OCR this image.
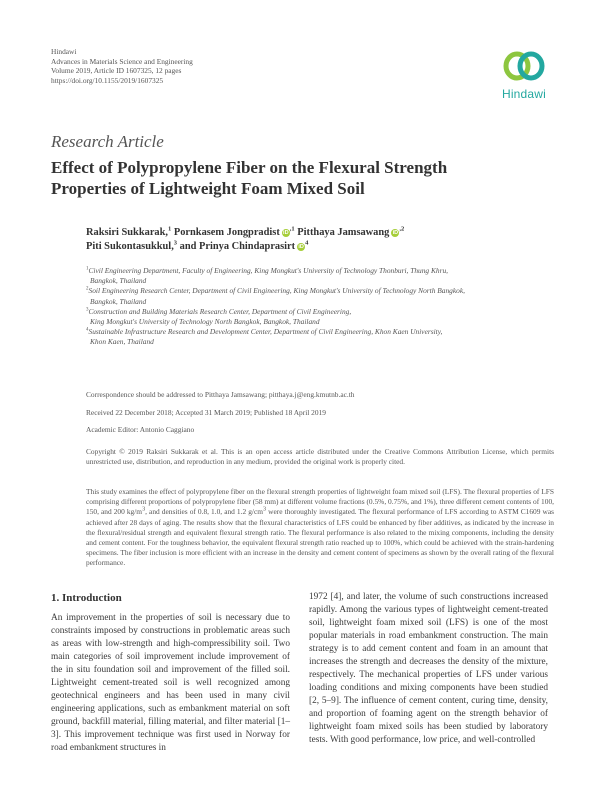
Hindawi
Advances in Materials Science and Engineering
Volume 2019, Article ID 1607325, 12 pages
https://doi.org/10.1155/2019/1607325
Hindawi
Research Article
Effect of Polypropylene Fiber on the Flexural Strength Properties of Lightweight Foam Mixed Soil
Raksiri Sukkarak,$^1$ Pornkasem Jongpradist $iD^{,1}$ Pitthaya Jamsawang $iD^{,2}$
Piti Sukontasukkul,$^3$ and Prinya Chindaprasirt $iD^4$

$^1$Civil Engineering Department, Faculty of Engineering, King Mongkut's University of Technology Thonburi, Thung Khru,
Bangkok, Thailand

$^2$Soil Engineering Research Center, Department of Civil Engineering, King Mongkut's University of Technology North Bangkok,
Bangkok, Thailand

$^3$Construction and Building Materials Research Center, Department of Civil Engineering,
King Mongkut's University of Technology North Bangkok, Bangkok, Thailand

$^4$Sustainable Infrastructure Research and Development Center, Department of Civil Engineering, Khon Kaen University,
Khon Kaen, Thailand

Correspondence should be addressed to Pitthaya Jamsawang; pitthaya.j@eng.kmutnb.ac.th
Received 22 December 2018; Accepted 31 March 2019; Published 18 April 2019
Academic Editor: Antonio Caggiano
Copyright © 2019 Raksiri Sukkarak et al. This is an open access article distributed under the Creative Commons Attribution License, which permits unrestricted use, distribution, and reproduction in any medium, provided the original work is properly cited.
This study examines the effect of polypropylene fiber on the flexural strength properties of lightweight foam mixed soil (LFS). The flexural properties of LFS comprising different proportions of polypropylene fiber (58 mm) at different volume fractions (0.5%, 0.75%, and 1%), three different cement contents of 100, 150, and 200 $kg/m^3$, and densities of 0.8, 1.0, and 1.2 $g/cm^3$ were thoroughly investigated. The flexural performance of LFS according to ASTM C1609 was achieved after 28 days of aging. The results show that the flexural characteristics of LFS could be enhanced by fiber additives, as indicated by the increase in the flexural/residual strength and equivalent flexural strength ratio. The flexural performance is also related to the mixing components, including the density and cement content. For the toughness behavior, the equivalent flexural strength ratio reached up to 100%, which could be achieved with the strain-hardening specimens. The fiber inclusion is more efficient with an increase in the density and cement content of specimens as shown by the overall rating of the flexural performance.
1. Introduction
An improvement in the properties of soil is necessary due to constraints imposed by constructions in problematic areas such as areas with low-strength and high-compressibility soil. Two main categories of soil improvement include improvement of the in situ foundation soil and improvement of the filled soil. Lightweight cement-treated soil is well recognized among geotechnical engineers and has been used in many civil engineering applications, such as embankment material on soft ground, backfill material, filling material, and filter material [1–3]. This improvement technique was first used in Norway for road embankment structures in
1972 [4], and later, the volume of such constructions increased rapidly. Among the various types of lightweight cement-treated soil, lightweight foam mixed soil (LFS) is one of the most popular materials in road embankment construction. The main strategy is to add cement content and foam in an amount that increases the strength and decreases the density of the mixture, respectively. The mechanical properties of LFS under various loading conditions and mixing components have been studied [2, 5–9]. The influence of cement content, curing time, density, and proportion of foaming agent on the strength behavior of lightweight foam mixed soils has been studied by laboratory tests. With good performance, low price, and well-controlled
